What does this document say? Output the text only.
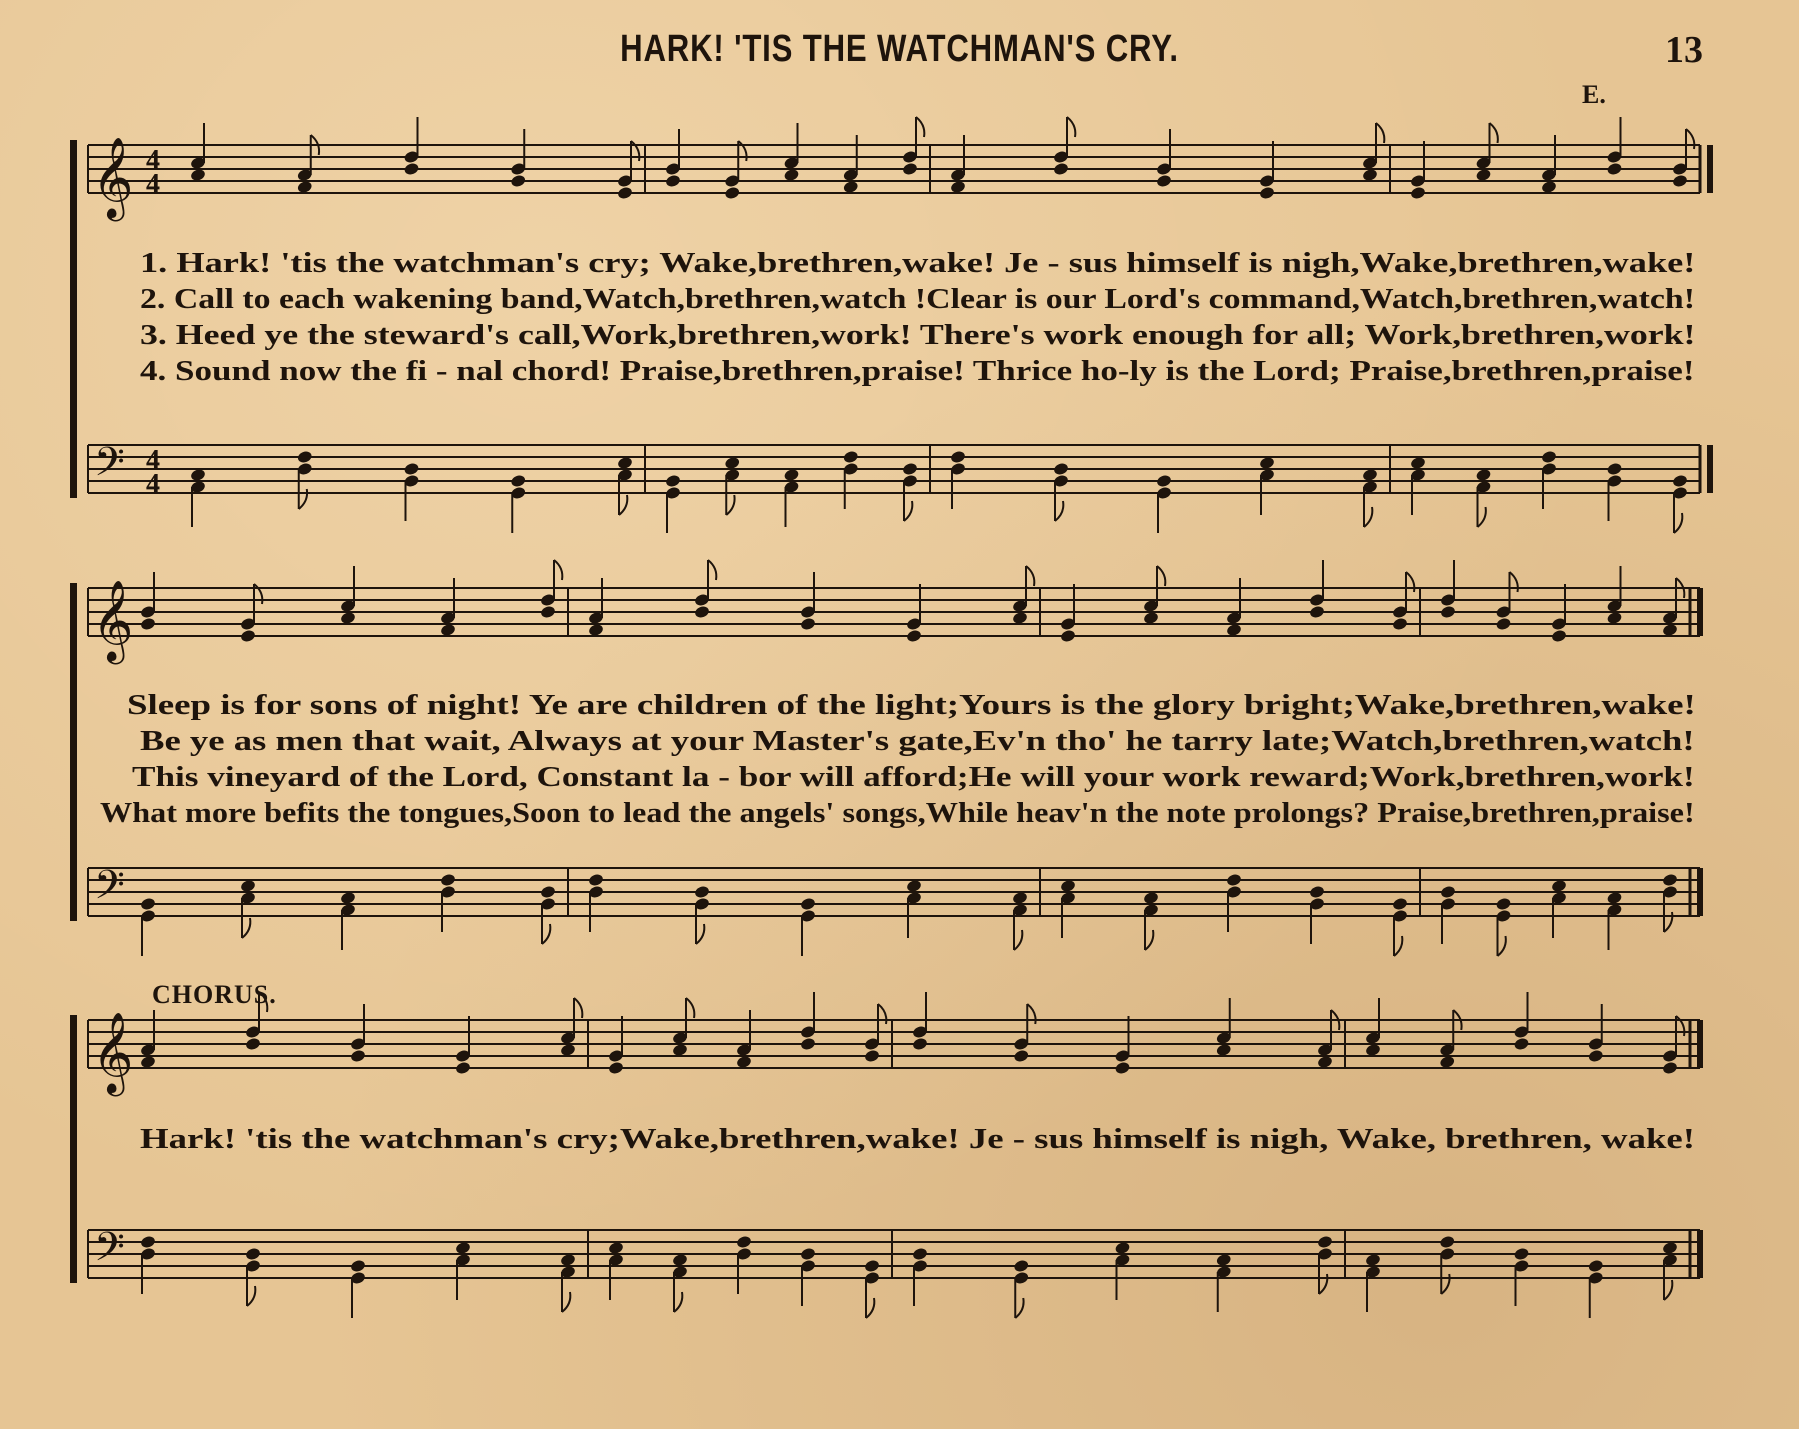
HARK! 'TIS THE WATCHMAN'S CRY.	13
E.
𝄞
𝄢
4
4
4
4
𝄞
𝄢
𝄞
𝄢
1. Hark! 'tis the watchman's cry; Wake,brethren,wake! Je - sus himself is nigh,Wake,brethren,wake!
2. Call to each wakening band,Watch,brethren,watch !Clear is our Lord's command,Watch,brethren,watch!
3. Heed ye the steward's call,Work,brethren,work! There's work enough for all; Work,brethren,work!
4. Sound now the fi - nal chord! Praise,brethren,praise! Thrice ho-ly is the Lord; Praise,brethren,praise!
Sleep is for sons of night! Ye are children of the light;Yours is the glory bright;Wake,brethren,wake!
Be ye as men that wait, Always at your Master's gate,Ev'n tho' he tarry late;Watch,brethren,watch!
This vineyard of the Lord, Constant la - bor will afford;He will your work reward;Work,brethren,work!
What more befits the tongues,Soon to lead the angels' songs,While heav'n the note prolongs? Praise,brethren,praise!
CHORUS.
Hark! 'tis the watchman's cry;Wake,brethren,wake! Je - sus himself is nigh, Wake, brethren, wake!
